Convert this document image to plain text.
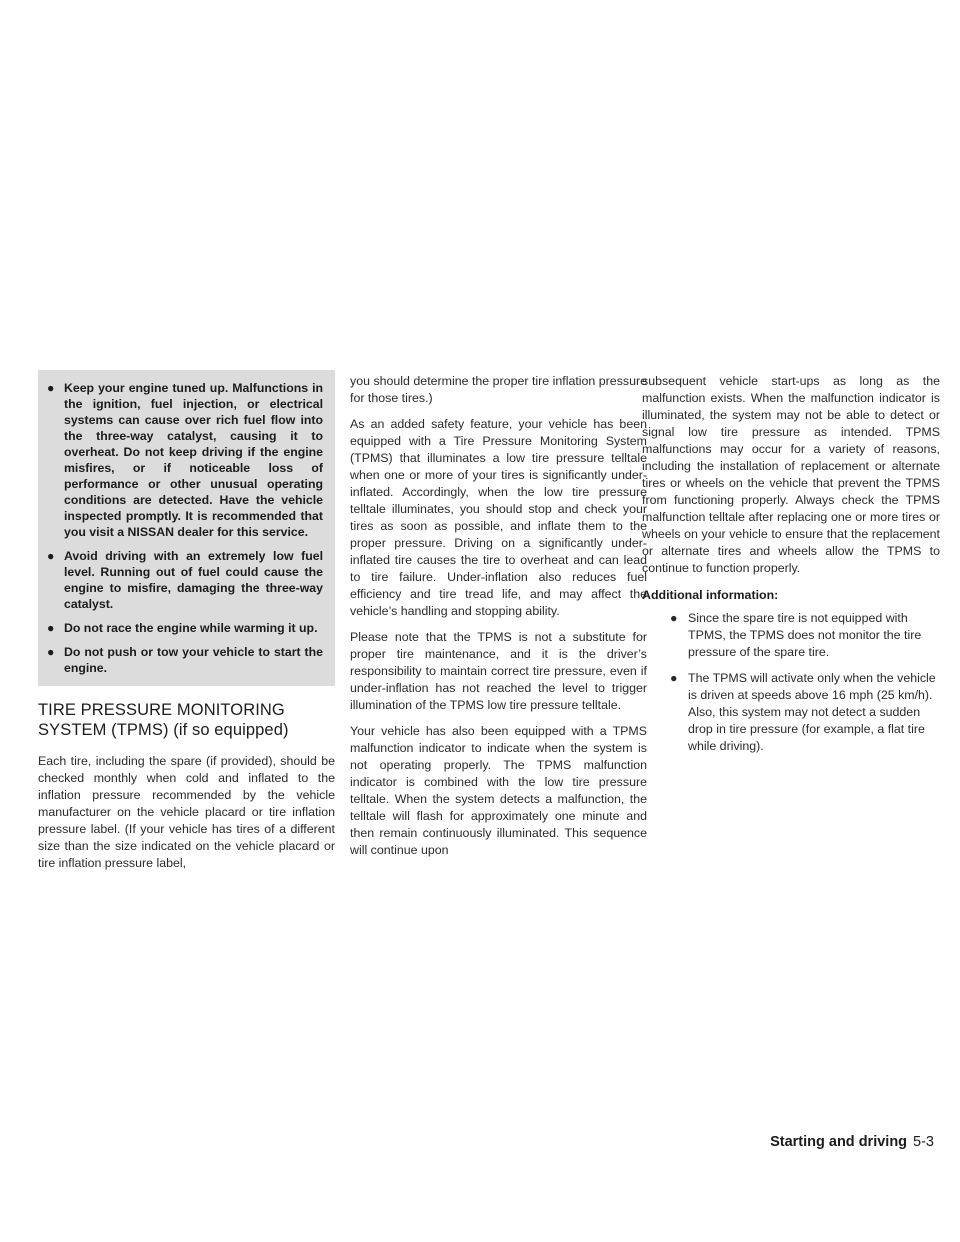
● Keep your engine tuned up. Malfunctions in the ignition, fuel injection, or electrical systems can cause over rich fuel flow into the three-way catalyst, causing it to overheat. Do not keep driving if the engine misfires, or if noticeable loss of performance or other unusual operating conditions are detected. Have the vehicle inspected promptly. It is recommended that you visit a NISSAN dealer for this service.
● Avoid driving with an extremely low fuel level. Running out of fuel could cause the engine to misfire, damaging the three-way catalyst.
● Do not race the engine while warming it up.
● Do not push or tow your vehicle to start the engine.
TIRE PRESSURE MONITORING SYSTEM (TPMS) (if so equipped)

Each tire, including the spare (if provided), should be checked monthly when cold and inflated to the inflation pressure recommended by the vehicle manufacturer on the vehicle placard or tire inflation pressure label. (If your vehicle has tires of a different size than the size indicated on the vehicle placard or tire inflation pressure label,

you should determine the proper tire inflation pressure for those tires.)

As an added safety feature, your vehicle has been equipped with a Tire Pressure Monitoring System (TPMS) that illuminates a low tire pressure telltale when one or more of your tires is significantly under-inflated. Accordingly, when the low tire pressure telltale illuminates, you should stop and check your tires as soon as possible, and inflate them to the proper pressure. Driving on a significantly under-inflated tire causes the tire to overheat and can lead to tire failure. Under-inflation also reduces fuel efficiency and tire tread life, and may affect the vehicle’s handling and stopping ability.

Please note that the TPMS is not a substitute for proper tire maintenance, and it is the driver’s responsibility to maintain correct tire pressure, even if under-inflation has not reached the level to trigger illumination of the TPMS low tire pressure telltale.

Your vehicle has also been equipped with a TPMS malfunction indicator to indicate when the system is not operating properly. The TPMS malfunction indicator is combined with the low tire pressure telltale. When the system detects a malfunction, the telltale will flash for approximately one minute and then remain continuously illuminated. This sequence will continue upon

subsequent vehicle start-ups as long as the malfunction exists. When the malfunction indicator is illuminated, the system may not be able to detect or signal low tire pressure as intended. TPMS malfunctions may occur for a variety of reasons, including the installation of replacement or alternate tires or wheels on the vehicle that prevent the TPMS from functioning properly. Always check the TPMS malfunction telltale after replacing one or more tires or wheels on your vehicle to ensure that the replacement or alternate tires and wheels allow the TPMS to continue to function properly.

Additional information:
● Since the spare tire is not equipped with TPMS, the TPMS does not monitor the tire pressure of the spare tire.
● The TPMS will activate only when the vehicle is driven at speeds above 16 mph (25 km/h). Also, this system may not detect a sudden drop in tire pressure (for example, a flat tire while driving).
Starting and driving 5-3
